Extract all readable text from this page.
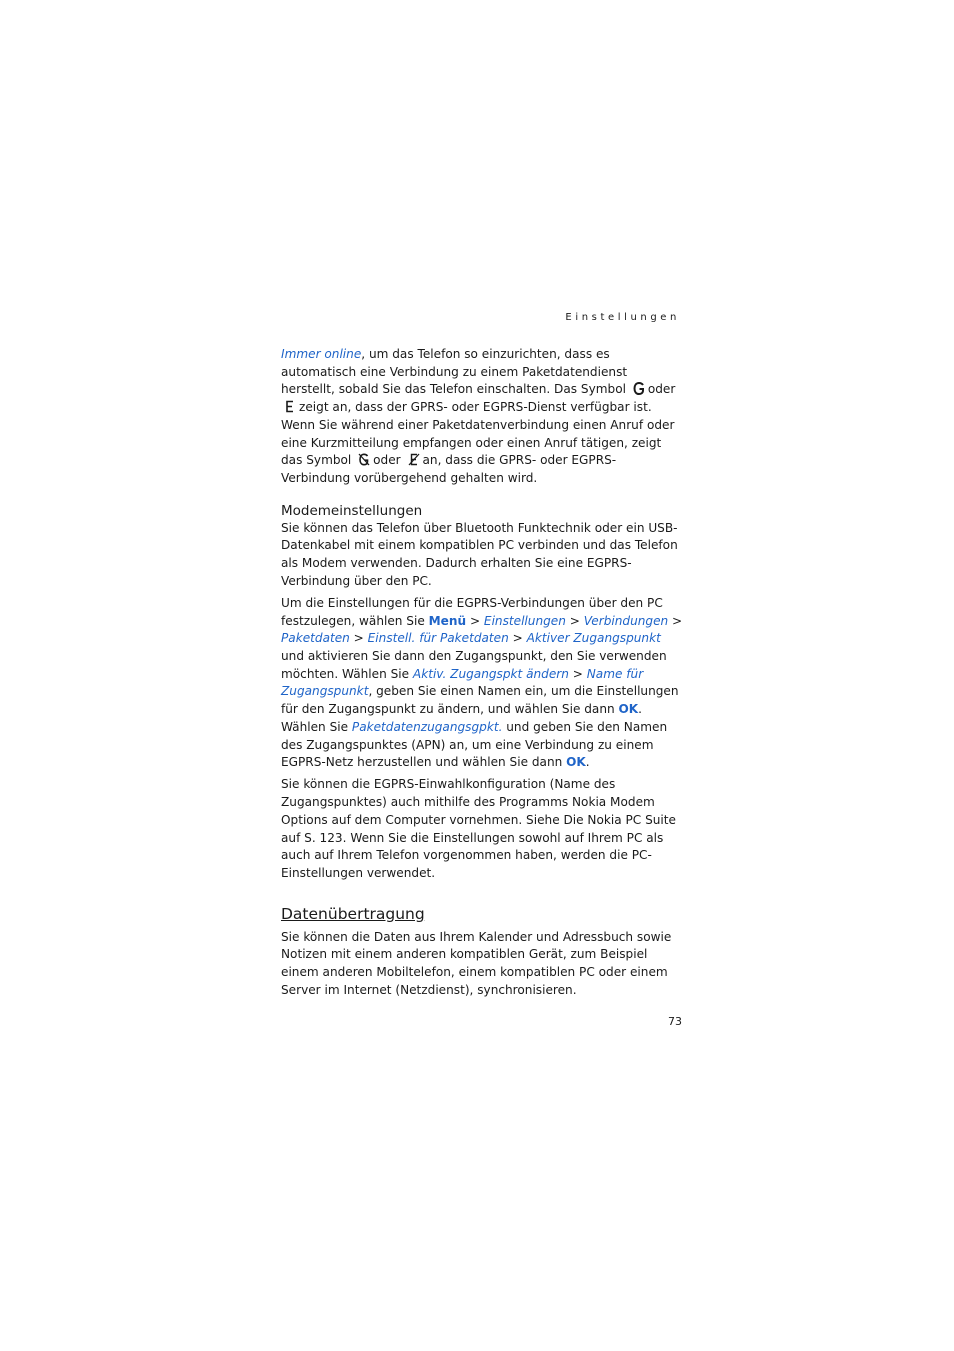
Einstellungen

Immer online, um das Telefon so einzurichten, dass es automatisch eine Verbindung zu einem Paketdatendienst herstellt, sobald Sie das Telefon einschalten. Das Symbol oder zeigt an, dass der GPRS- oder EGPRS-Dienst verfügbar ist. Wenn Sie während einer Paketdatenverbindung einen Anruf oder eine Kurzmitteilung empfangen oder einen Anruf tätigen, zeigt das Symbol oder an, dass die GPRS- oder EGPRS-Verbindung vorübergehend gehalten wird.

Modemeinstellungen

Sie können das Telefon über Bluetooth Funktechnik oder ein USB-Datenkabel mit einem kompatiblen PC verbinden und das Telefon als Modem verwenden. Dadurch erhalten Sie eine EGPRS-Verbindung über den PC.

Um die Einstellungen für die EGPRS-Verbindungen über den PC festzulegen, wählen Sie Menü > Einstellungen > Verbindungen > Paketdaten > Einstell. für Paketdaten > Aktiver Zugangspunkt und aktivieren Sie dann den Zugangspunkt, den Sie verwenden möchten. Wählen Sie Aktiv. Zugangspkt ändern > Name für Zugangspunkt, geben Sie einen Namen ein, um die Einstellungen für den Zugangspunkt zu ändern, und wählen Sie dann OK. Wählen Sie Paketdatenzugangsgpkt. und geben Sie den Namen des Zugangspunktes (APN) an, um eine Verbindung zu einem EGPRS-Netz herzustellen und wählen Sie dann OK.

Sie können die EGPRS-Einwahlkonfiguration (Name des Zugangspunktes) auch mithilfe des Programms Nokia Modem Options auf dem Computer vornehmen. Siehe Die Nokia PC Suite auf S. 123. Wenn Sie die Einstellungen sowohl auf Ihrem PC als auch auf Ihrem Telefon vorgenommen haben, werden die PC-Einstellungen verwendet.

Datenübertragung

Sie können die Daten aus Ihrem Kalender und Adressbuch sowie Notizen mit einem anderen kompatiblen Gerät, zum Beispiel einem anderen Mobiltelefon, einem kompatiblen PC oder einem Server im Internet (Netzdienst), synchronisieren.

73
